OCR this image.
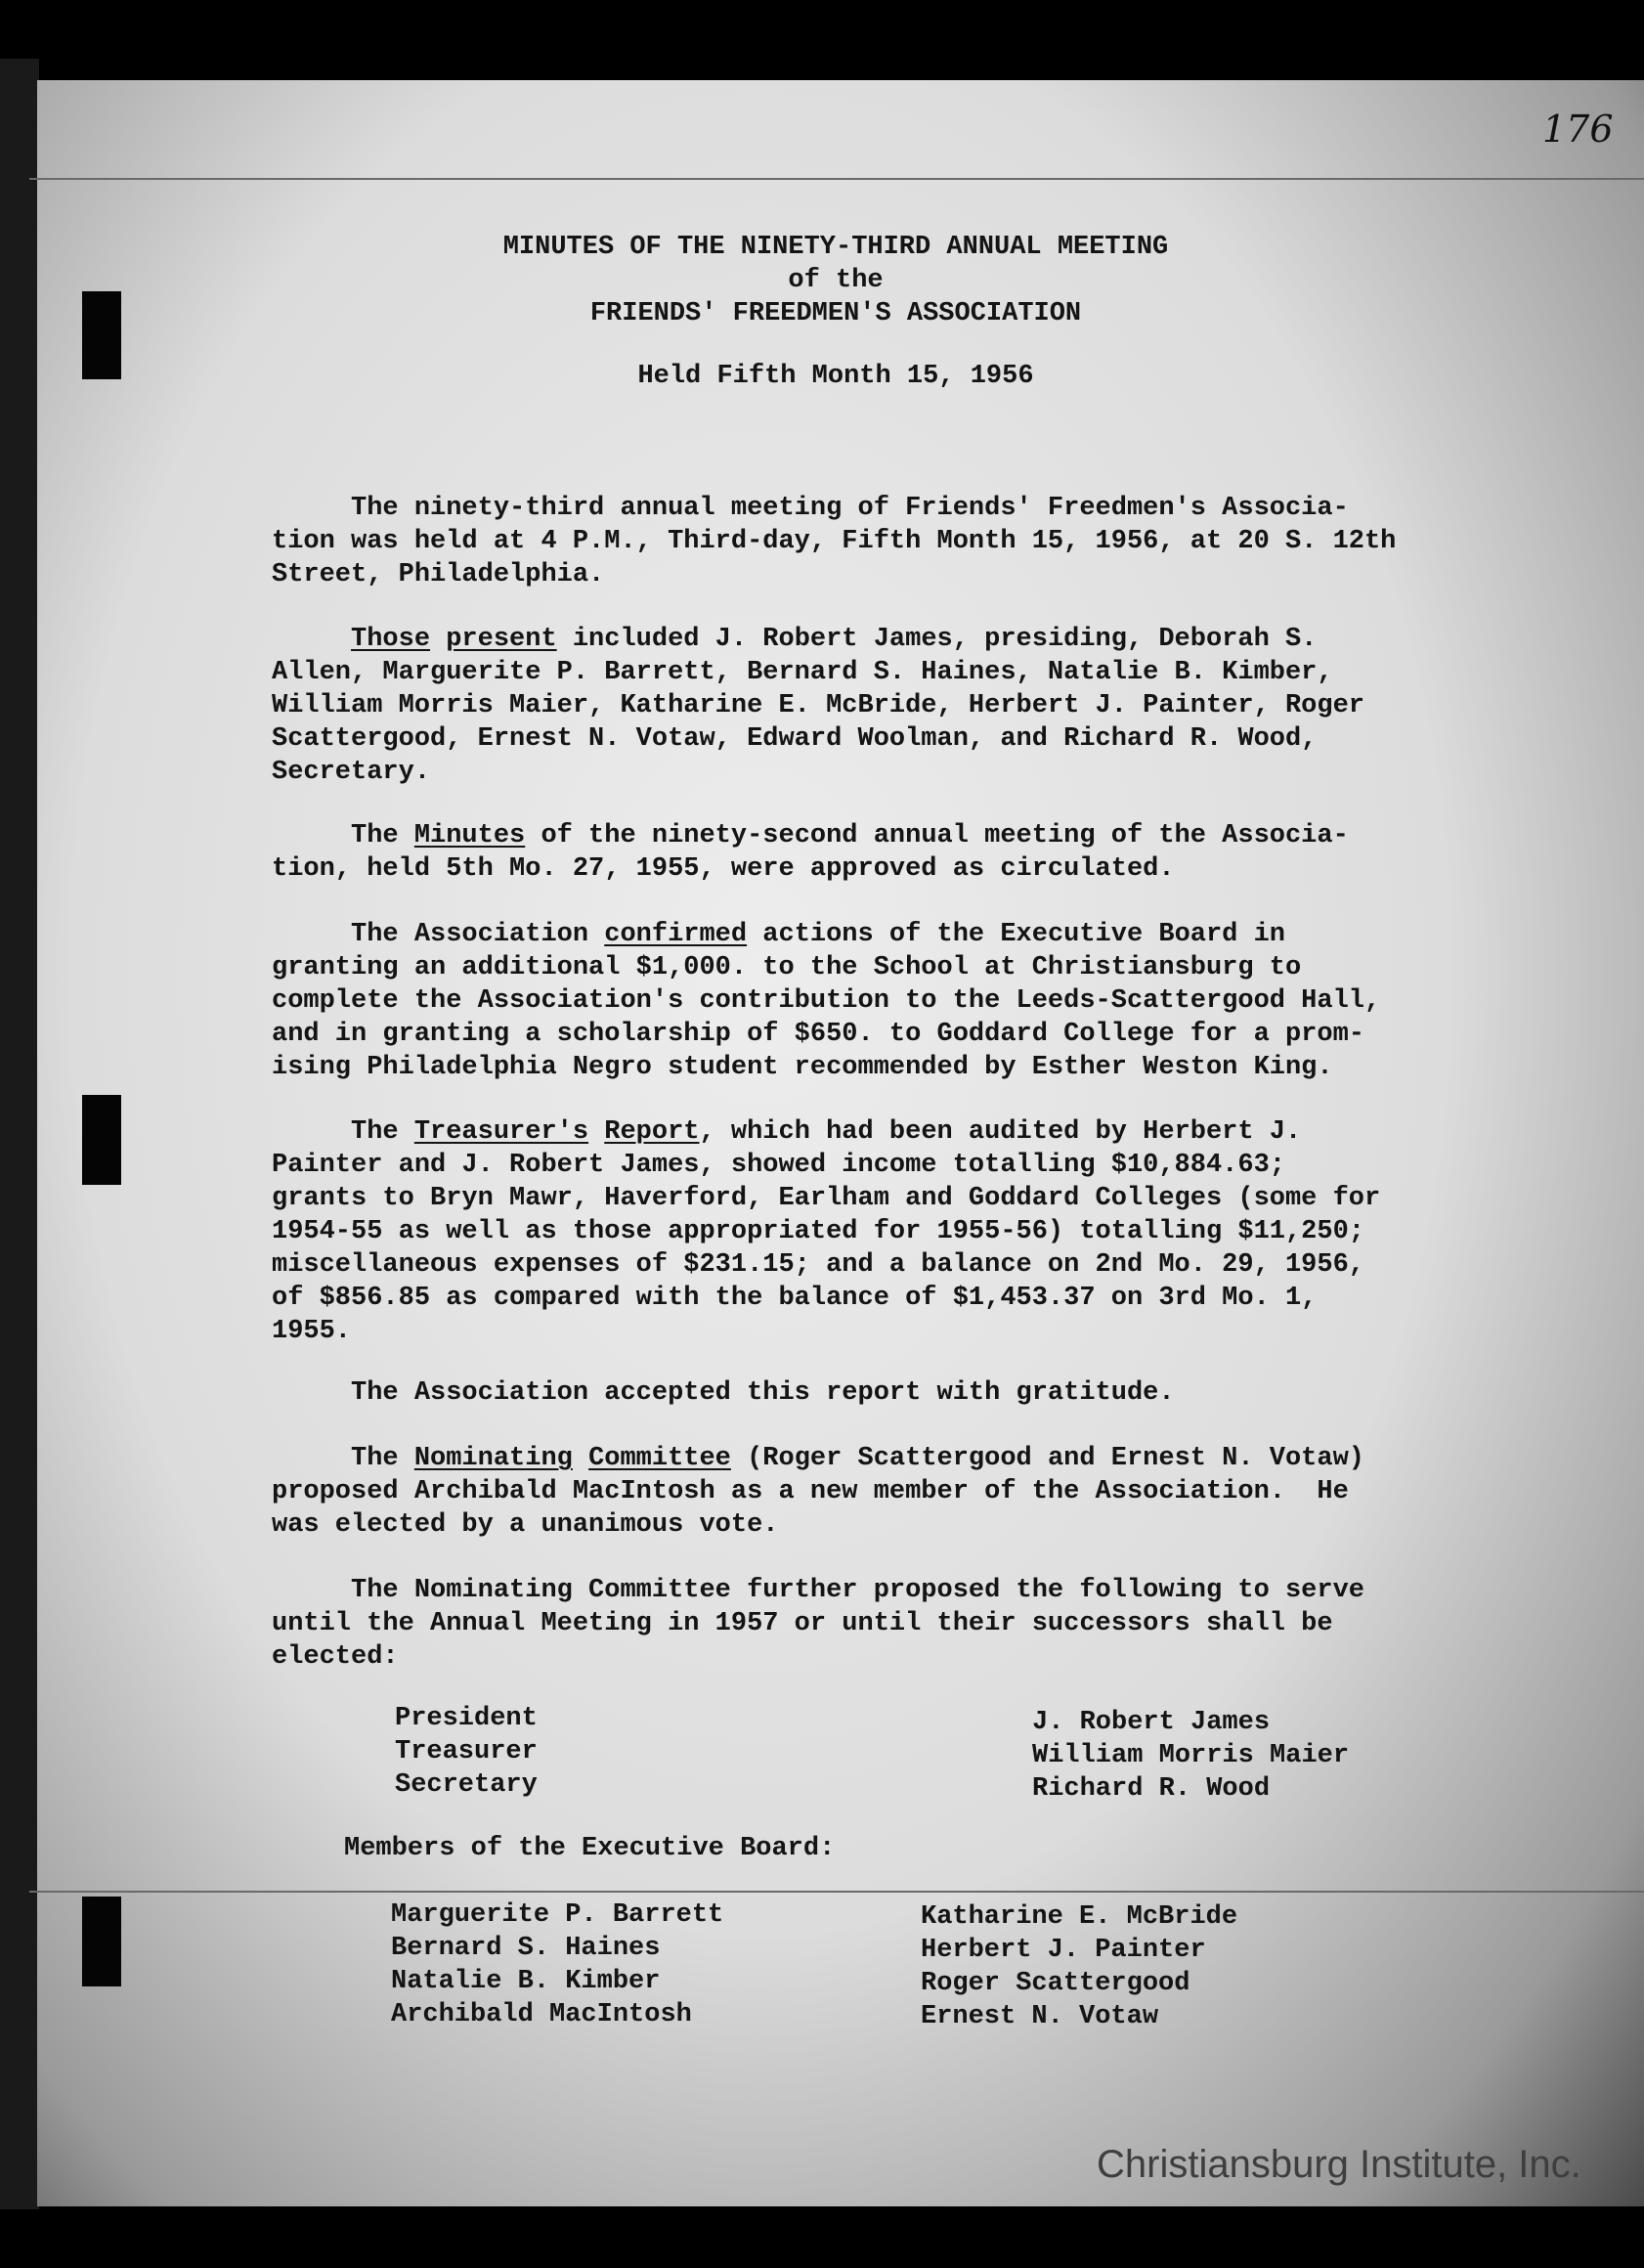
176
MINUTES OF THE NINETY-THIRD ANNUAL MEETING
of the
FRIENDS' FREEDMEN'S ASSOCIATION
Held Fifth Month 15, 1956
The ninety-third annual meeting of Friends' Freedmen's Associa-
tion was held at 4 P.M., Third-day, Fifth Month 15, 1956, at 20 S. 12th
Street, Philadelphia.
Those present included J. Robert James, presiding, Deborah S.
Allen, Marguerite P. Barrett, Bernard S. Haines, Natalie B. Kimber,
William Morris Maier, Katharine E. McBride, Herbert J. Painter, Roger
Scattergood, Ernest N. Votaw, Edward Woolman, and Richard R. Wood,
Secretary.
The Minutes of the ninety-second annual meeting of the Associa-
tion, held 5th Mo. 27, 1955, were approved as circulated.
The Association confirmed actions of the Executive Board in
granting an additional $1,000. to the School at Christiansburg to
complete the Association's contribution to the Leeds-Scattergood Hall,
and in granting a scholarship of $650. to Goddard College for a prom-
ising Philadelphia Negro student recommended by Esther Weston King.
The Treasurer's Report, which had been audited by Herbert J.
Painter and J. Robert James, showed income totalling $10,884.63;
grants to Bryn Mawr, Haverford, Earlham and Goddard Colleges (some for
1954-55 as well as those appropriated for 1955-56) totalling $11,250;
miscellaneous expenses of $231.15; and a balance on 2nd Mo. 29, 1956,
of $856.85 as compared with the balance of $1,453.37 on 3rd Mo. 1,
1955.
The Association accepted this report with gratitude.
The Nominating Committee (Roger Scattergood and Ernest N. Votaw)
proposed Archibald MacIntosh as a new member of the Association.  He
was elected by a unanimous vote.
The Nominating Committee further proposed the following to serve
until the Annual Meeting in 1957 or until their successors shall be
elected:
President
Treasurer
Secretary
J. Robert James
William Morris Maier
Richard R. Wood
Members of the Executive Board:
Marguerite P. Barrett
Bernard S. Haines
Natalie B. Kimber
Archibald MacIntosh
Katharine E. McBride
Herbert J. Painter
Roger Scattergood
Ernest N. Votaw
Christiansburg Institute, Inc.
